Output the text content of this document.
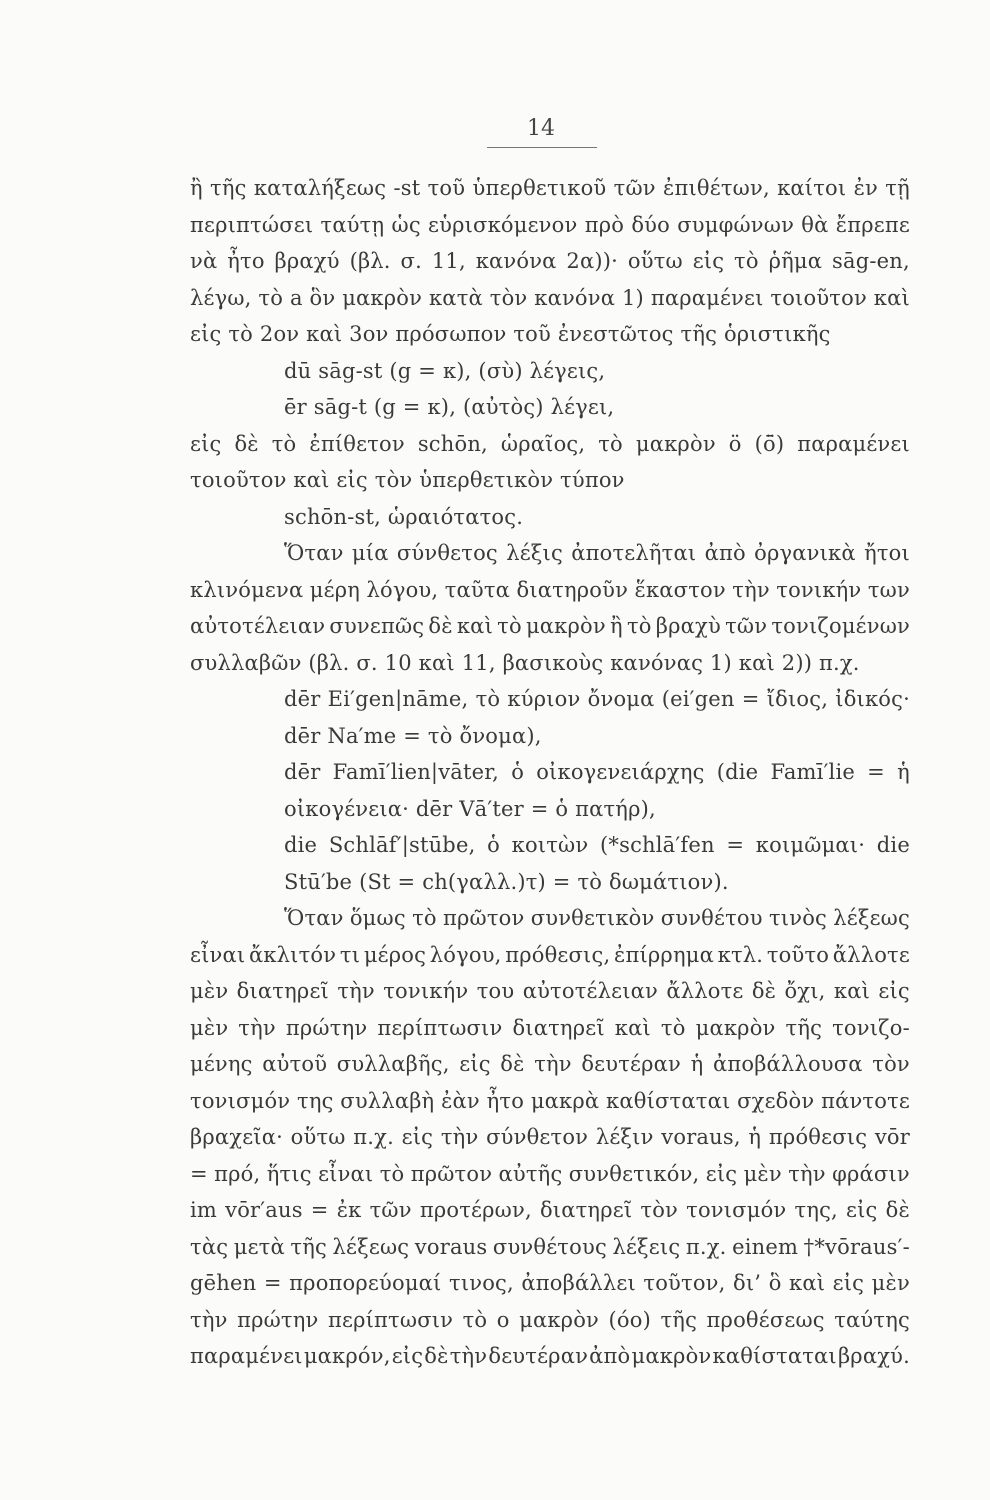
14
ἢ τῆς καταλήξεως -st τοῦ ὑπερθετικοῦ τῶν ἐπιθέτων, καίτοι ἐν τῇ
περιπτώσει ταύτῃ ὡς εὑρισκόμενον πρὸ δύο συμφώνων θὰ ἔπρεπε
νὰ ἦτο βραχύ (βλ. σ. 11, κανόνα 2α))· οὕτω εἰς τὸ ῥῆμα sāg-en,
λέγω, τὸ a ὃν μακρὸν κατὰ τὸν κανόνα 1) παραμένει τοιοῦτον καὶ
εἰς τὸ 2ον καὶ 3ον πρόσωπον τοῦ ἐνεστῶτος τῆς ὁριστικῆς
dū sāg-st (g = κ), (σὺ) λέγεις,
ēr sāg-t (g = κ), (αὐτὸς) λέγει,
εἰς δὲ τὸ ἐπίθετον schōn, ὡραῖος, τὸ μακρὸν ö (ō̈) παραμένει
τοιοῦτον καὶ εἰς τὸν ὑπερθετικὸν τύπον
schōn-st, ὡραιότατος.
Ὅταν μία σύνθετος λέξις ἀποτελῆται ἀπὸ ὀργανικὰ ἤτοι
κλινόμενα μέρη λόγου, ταῦτα διατηροῦν ἕκαστον τὴν τονικήν των
αὐτοτέλειαν συνεπῶς δὲ καὶ τὸ μακρὸν ἢ τὸ βραχὺ τῶν τονιζομένων
συλλαβῶν (βλ. σ. 10 καὶ 11, βασικοὺς κανόνας 1) καὶ 2)) π.χ.
dēr Ei′gen|nāme, τὸ κύριον ὄνομα (ei′gen = ἴδιος, ἰδικός·
dēr Na′me = τὸ ὄνομα),
dēr Famī′lien|vāter, ὁ οἰκογενειάρχης (die Famī′lie = ἡ
οἰκογένεια· dēr Vā′ter = ὁ πατήρ),
die Schlāf′|stūbe, ὁ κοιτὼν (*schlā′fen = κοιμῶμαι· die
Stū′be (St = ch(γαλλ.)τ) = τὸ δωμάτιον).
Ὅταν ὅμως τὸ πρῶτον συνθετικὸν συνθέτου τινὸς λέξεως
εἶναι ἄκλιτόν τι μέρος λόγου, πρόθεσις, ἐπίρρημα κτλ. τοῦτο ἄλλοτε
μὲν διατηρεῖ τὴν τονικήν του αὐτοτέλειαν ἄλλοτε δὲ ὄχι, καὶ εἰς
μὲν τὴν πρώτην περίπτωσιν διατηρεῖ καὶ τὸ μακρὸν τῆς τονιζο-
μένης αὐτοῦ συλλαβῆς, εἰς δὲ τὴν δευτέραν ἡ ἀποβάλλουσα τὸν
τονισμόν της συλλαβὴ ἐὰν ἦτο μακρὰ καθίσταται σχεδὸν πάντοτε
βραχεῖα· οὕτω π.χ. εἰς τὴν σύνθετον λέξιν voraus, ἡ πρόθεσις vōr
= πρό, ἥτις εἶναι τὸ πρῶτον αὐτῆς συνθετικόν, εἰς μὲν τὴν φράσιν
im vōr′aus = ἐκ τῶν προτέρων, διατηρεῖ τὸν τονισμόν της, εἰς δὲ
τὰς μετὰ τῆς λέξεως voraus συνθέτους λέξεις π.χ. einem †*vōraus′-
gēhen = προπορεύομαί τινος, ἀποβάλλει τοῦτον, δι’ ὃ καὶ εἰς μὲν
τὴν πρώτην περίπτωσιν τὸ o μακρὸν (όο) τῆς προθέσεως ταύτης
παραμένει μακρόν, εἰς δὲ τὴν δευτέραν ἀπὸ μακρὸν καθίσταται βραχύ.
